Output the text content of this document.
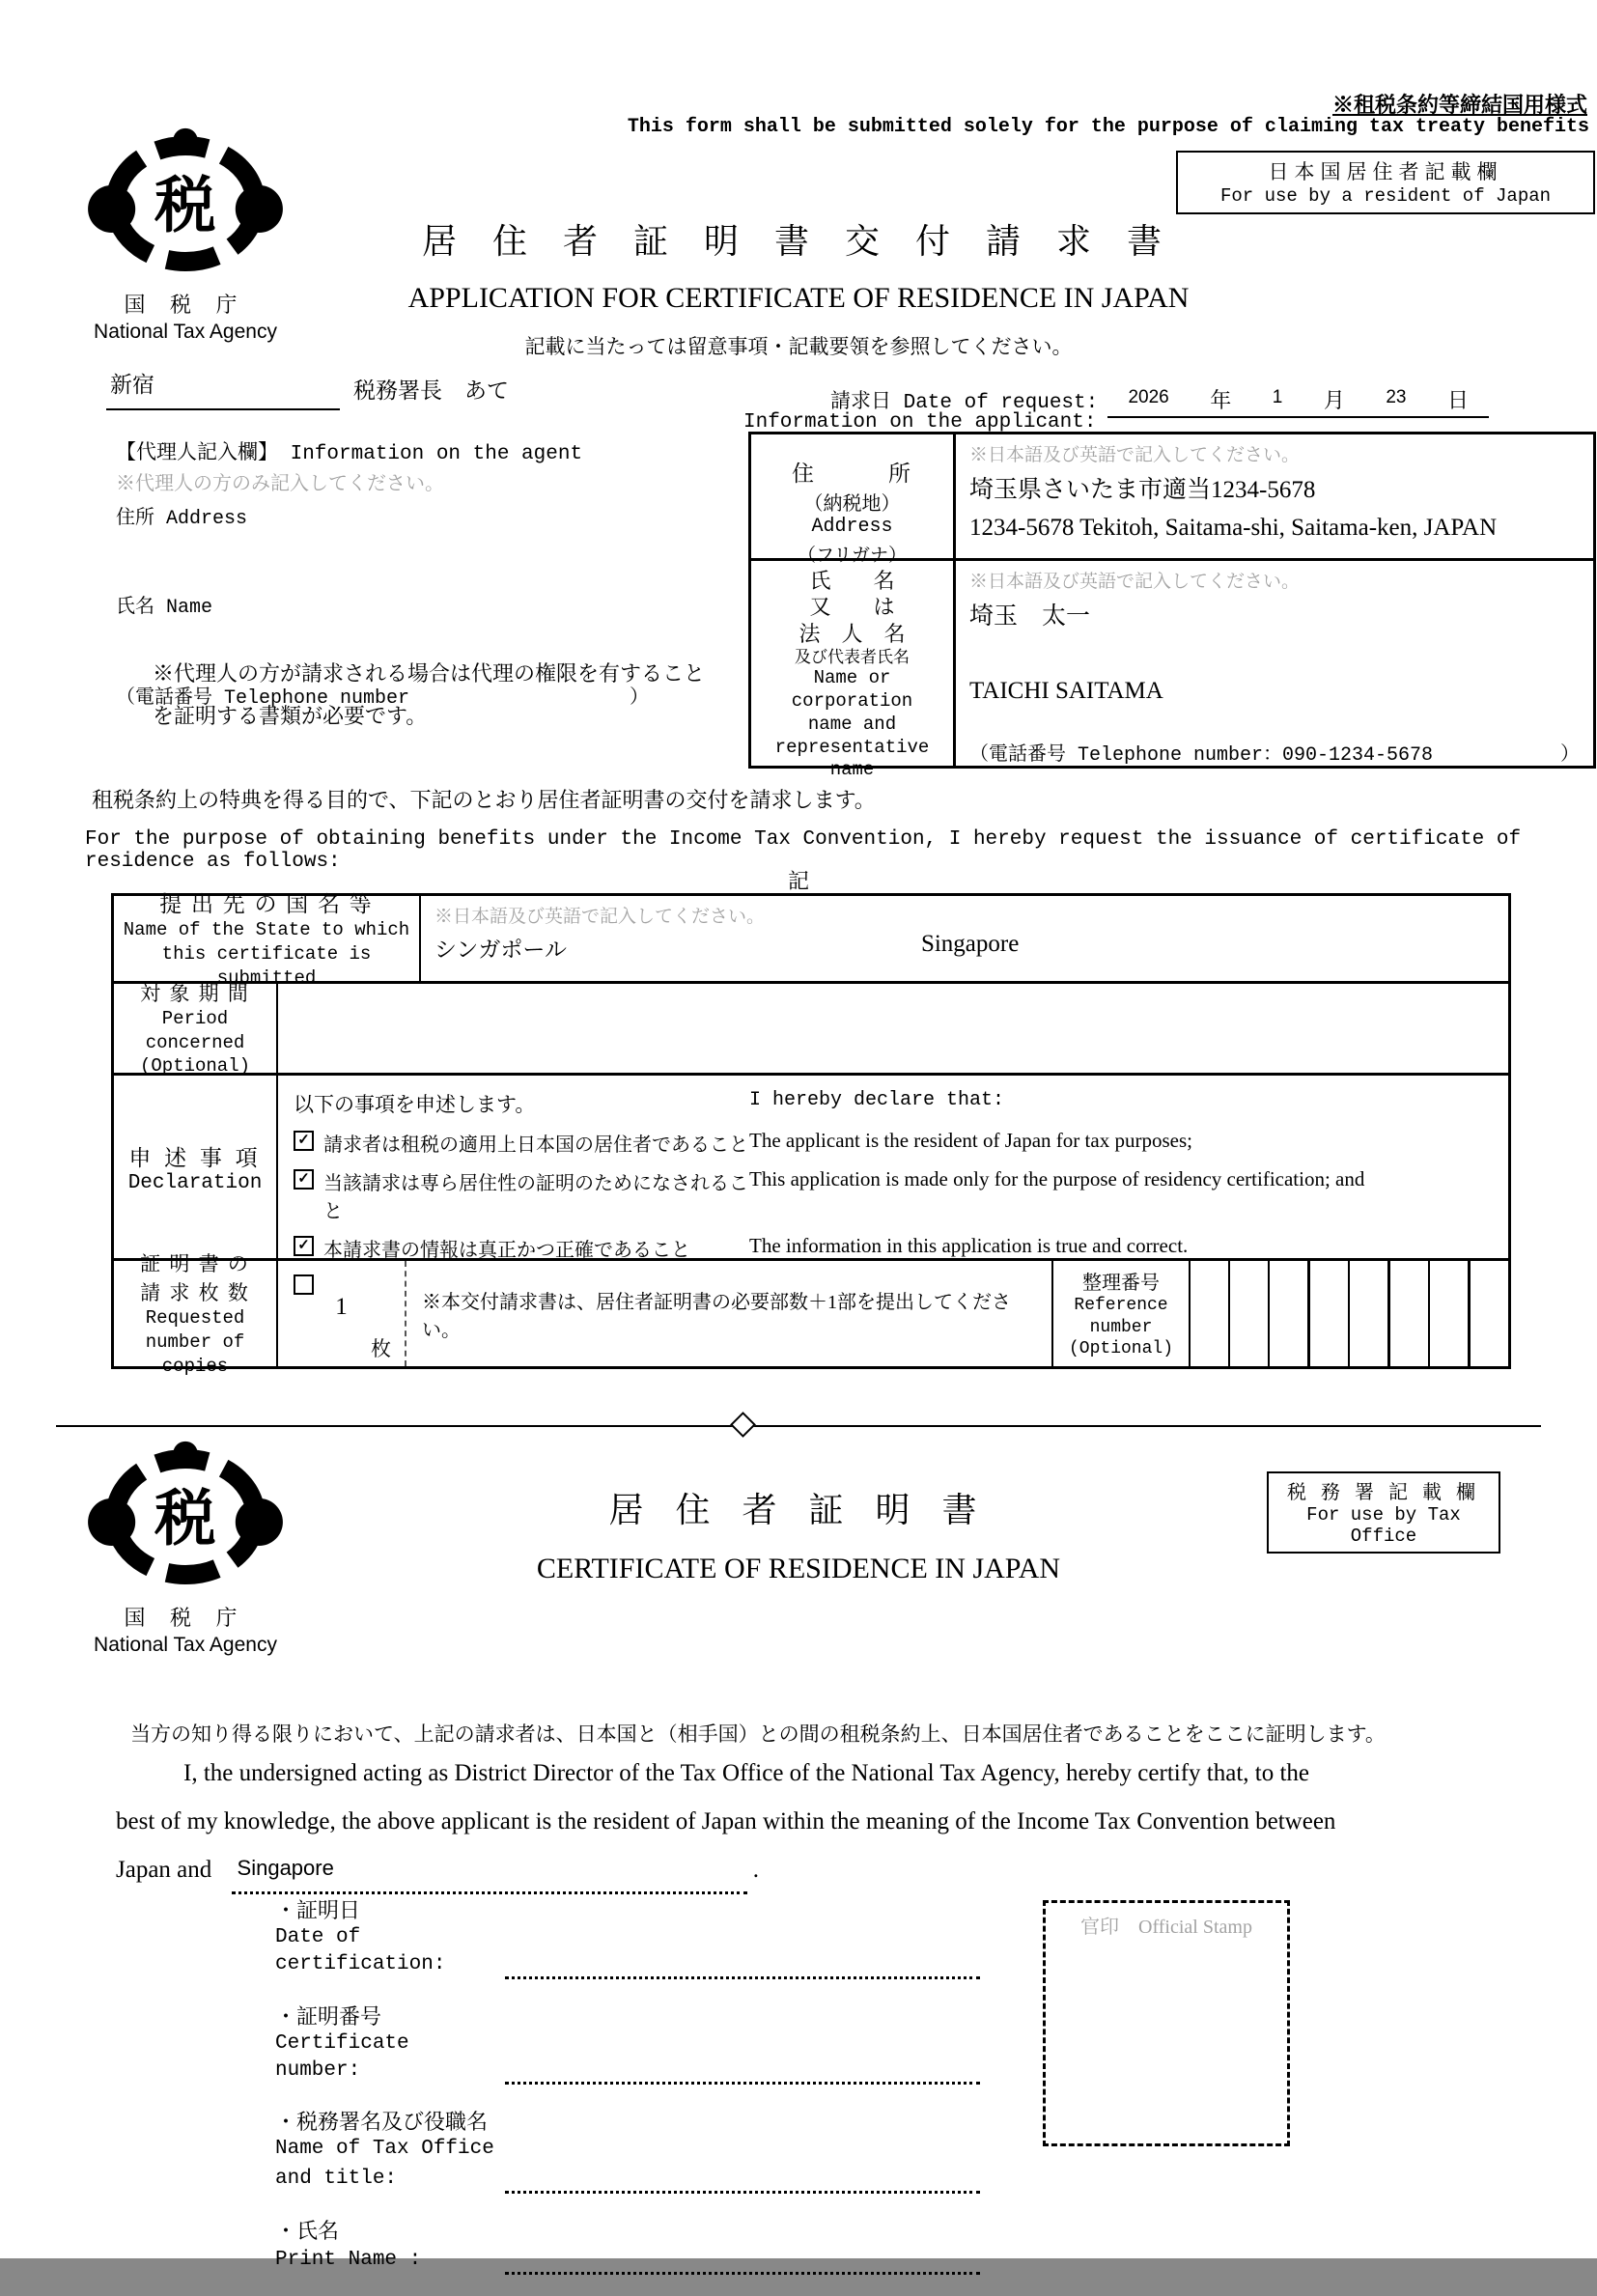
※租税条約等締結国用様式
This form shall be submitted solely for the purpose of claiming tax treaty benefits
日本国居住者記載欄
For use by a resident of Japan
税
国 税 庁
National Tax Agency
居 住 者 証 明 書 交 付 請 求 書
APPLICATION FOR CERTIFICATE OF RESIDENCE IN JAPAN
記載に当たっては留意事項・記載要領を参照してください。
新宿	税務署長　あて
請求日 Date of request: 2026 年 1 月 23 日
Information on the applicant:
【代理人記入欄】 Information on the agent
※代理人の方のみ記入してください。
住所 Address
氏名 Name
（電話番号 Telephone number	）
※代理人の方が請求される場合は代理の権限を有すること
を証明する書類が必要です。
住　　　所
（納税地）
Address
※日本語及び英語で記入してください。
埼玉県さいたま市適当1234-5678
1234-5678 Tekitoh, Saitama-shi, Saitama-ken, JAPAN
（フリガナ）
氏　　名
又　　は
法　人　名
及び代表者氏名
Name or
corporation
name and
representative
name
※日本語及び英語で記入してください。
埼玉　太一
TAICHI SAITAMA
（電話番号 Telephone number：090-1234-5678	）
租税条約上の特典を得る目的で、下記のとおり居住者証明書の交付を請求します。
For the purpose of obtaining benefits under the Income Tax Convention, I hereby request the issuance of certificate of residence as follows:
記
提 出 先 の 国 名 等
Name of the State to which
this certificate is submitted
※日本語及び英語で記入してください。
シンガポール	Singapore
対 象 期 間
Period
concerned
(Optional)
申 述 事 項
Declaration
以下の事項を申述します。	I hereby declare that:
✓
請求者は租税の適用上日本国の居住者であること The applicant is the resident of Japan for tax purposes;
✓
当該請求は専ら居住性の証明のためになされること
This application is made only for the purpose of residency certification; and
✓
本請求書の情報は真正かつ正確であること	The information in this application is true and correct.
証 明 書 の
請 求 枚 数
Requested
number of
copies
1
枚
※本交付請求書は、居住者証明書の必要部数＋1部を提出してください。
整理番号
Reference
number
(Optional)
税
国 税 庁
National Tax Agency
税 務 署 記 載 欄
For use by Tax Office
居 住 者 証 明 書
CERTIFICATE OF RESIDENCE IN JAPAN
当方の知り得る限りにおいて、上記の請求者は、日本国と（相手国）との間の租税条約上、日本国居住者であることをここに証明します。
I, the undersigned acting as District Director of the Tax Office of the National Tax Agency, hereby certify that, to the
best of my knowledge, the above applicant is the resident of Japan within the meaning of the Income Tax Convention between
Japan and Singapore	.
・証明日
Date of certification:
・証明番号
Certificate number:
・税務署名及び役職名
Name of Tax Office
and title:
・氏名
Print Name :
官印　Official Stamp
